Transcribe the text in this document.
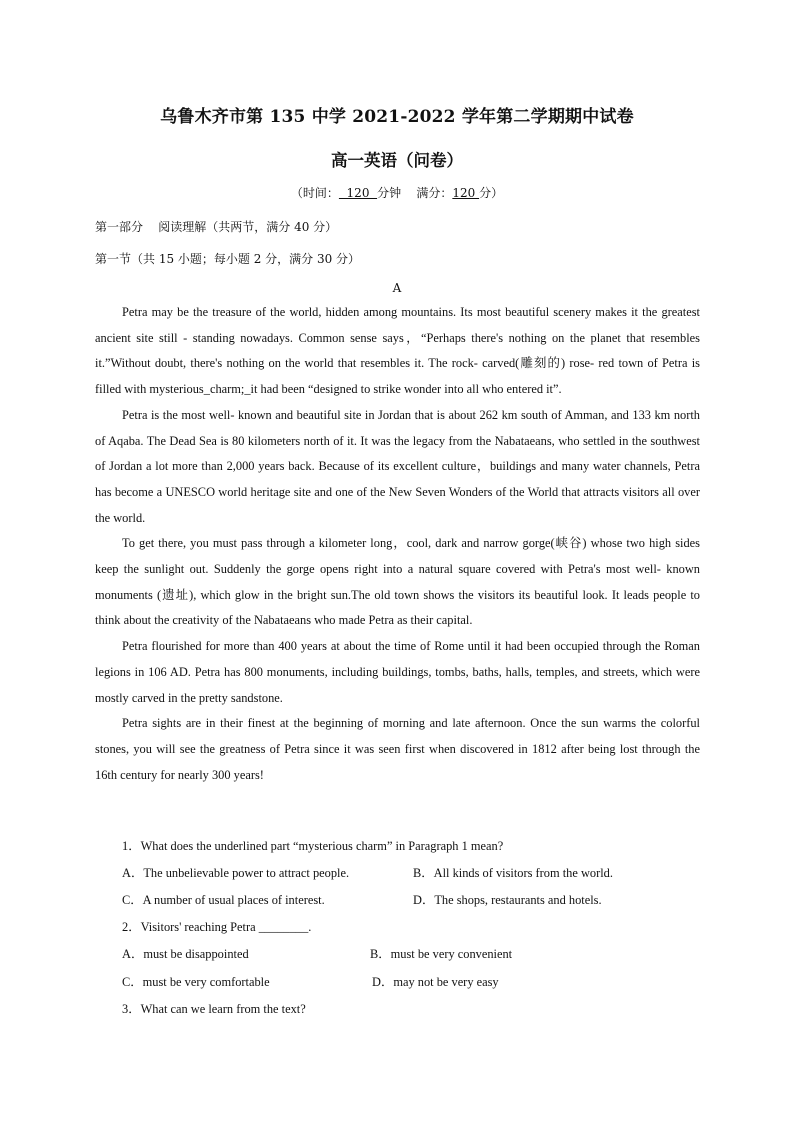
乌鲁木齐市第 135 中学 2021-2022 学年第二学期期中试卷
高一英语（问卷）
（时间：  120  分钟    满分：120 分）
第一部分    阅读理解（共两节，满分 40 分）
第一节（共 15 小题；每小题 2 分，满分 30 分）
A

Petra may be the treasure of the world, hidden among mountains. Its most beautiful scenery makes it the greatest ancient site still - standing nowadays. Common sense says，“Perhaps there's nothing on the planet that resembles it.”Without doubt, there's nothing on the world that resembles it. The rock- carved(雕刻的) rose- red town of Petra is filled with mysterious_charm;_it had been “designed to strike wonder into all who entered it”.

Petra is the most well- known and beautiful site in Jordan that is about 262 km south of Amman, and 133 km north of Aqaba. The Dead Sea is 80 kilometers north of it. It was the legacy from the Nabataeans, who settled in the southwest of Jordan a lot more than 2,000 years back. Because of its excellent culture，buildings and many water channels, Petra has become a UNESCO world heritage site and one of the New Seven Wonders of the World that attracts visitors all over the world.

To get there, you must pass through a kilometer long，cool, dark and narrow gorge(峡谷) whose two high sides keep the sunlight out. Suddenly the gorge opens right into a natural square covered with Petra's most well- known monuments (遗址), which glow in the bright sun.The old town shows the visitors its beautiful look. It leads people to think about the creativity of the Nabataeans who made Petra as their capital.

Petra flourished for more than 400 years at about the time of Rome until it had been occupied through the Roman legions in 106 AD. Petra has 800 monuments, including buildings, tombs, baths, halls, temples, and streets, which were mostly carved in the pretty sandstone.

Petra sights are in their finest at the beginning of morning and late afternoon. Once the sun warms the colorful stones, you will see the greatness of Petra since it was seen first when discovered in 1812 after being lost through the 16th century for nearly 300 years!

1．What does the underlined part “mysterious charm” in Paragraph 1 mean?
A．The unbelievable power to attract people.	B．All kinds of visitors from the world.
C．A number of usual places of interest.	D．The shops, restaurants and hotels.
2．Visitors' reaching Petra ________.
A．must be disappointed	B．must be very convenient
C．must be very comfortable	D．may not be very easy
3．What can we learn from the text?
